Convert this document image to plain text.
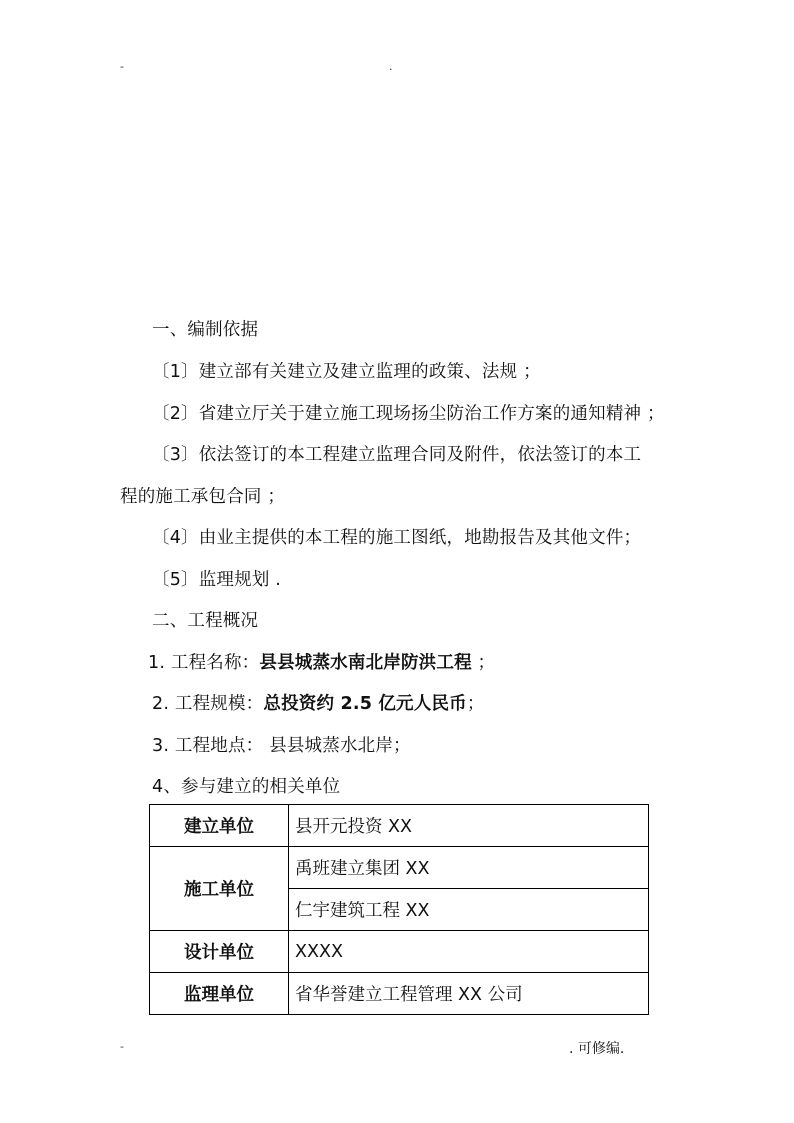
-	.
一、编制依据
〔1〕建立部有关建立及建立监理的政策、法规 ；
〔2〕省建立厅关于建立施工现场扬尘防治工作方案的通知精神 ；
〔3〕依法签订的本工程建立监理合同及附件，依法签订的本工
程的施工承包合同 ；
〔4〕由业主提供的本工程的施工图纸，地勘报告及其他文件；
〔5〕监理规划 .
二、工程概况
1. 工程名称：县县城蒸水南北岸防洪工程 ；
2. 工程规模：总投资约 2.5 亿元人民币；
3. 工程地点： 县县城蒸水北岸；
4、参与建立的相关单位
建立单位	县开元投资 XX
施工单位	禹班建立集团 XX
	仁宇建筑工程 XX
设计单位	XXXX
监理单位	省华誉建立工程管理 XX 公司
-	. 可修编.
